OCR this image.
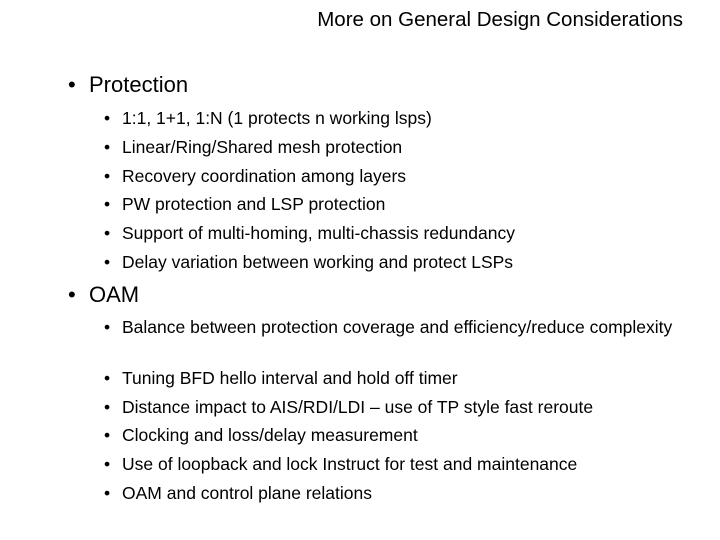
More on General Design Considerations
• Protection
• 1:1, 1+1, 1:N (1 protects n working lsps)
• Linear/Ring/Shared mesh protection
• Recovery coordination among layers
• PW protection and LSP protection
• Support of multi-homing, multi-chassis redundancy
• Delay variation between working and protect LSPs
• OAM
• Balance between protection coverage and efficiency/reduce complexity
• Tuning BFD hello interval and hold off timer
• Distance impact to AIS/RDI/LDI – use of TP style fast reroute
• Clocking and loss/delay measurement
• Use of loopback and lock Instruct for test and maintenance
• OAM and control plane relations
